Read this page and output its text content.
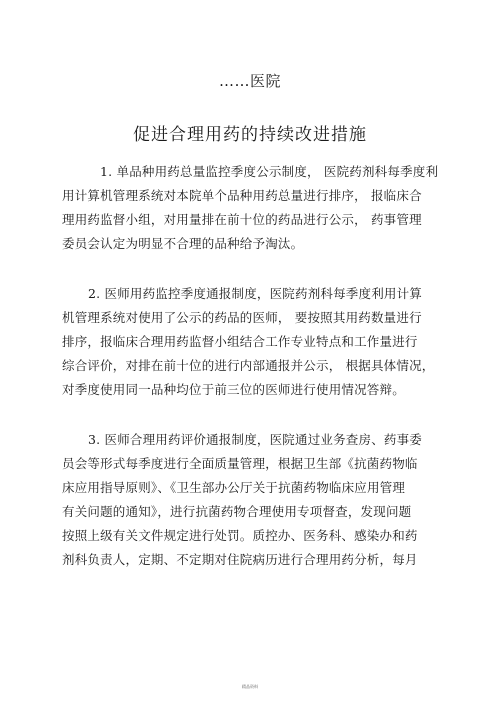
……医院
促进合理用药的持续改进措施
1. 单品种用药总量监控季度公示制度， 医院药剂科每季度利
用计算机管理系统对本院单个品种用药总量进行排序， 报临床合
理用药监督小组，对用量排在前十位的药品进行公示， 药事管理
委员会认定为明显不合理的品种给予淘汰。
2. 医师用药监控季度通报制度，医院药剂科每季度利用计算
机管理系统对使用了公示的药品的医师， 要按照其用药数量进行
排序，报临床合理用药监督小组结合工作专业特点和工作量进行
综合评价，对排在前十位的进行内部通报并公示， 根据具体情况，
对季度使用同一品种均位于前三位的医师进行使用情况答辩。
3. 医师合理用药评价通报制度，医院通过业务查房、药事委
员会等形式每季度进行全面质量管理，根据卫生部《抗菌药物临
床应用指导原则》、《卫生部办公厅关于抗菌药物临床应用管理
有关问题的通知》，进行抗菌药物合理使用专项督查，发现问题
按照上级有关文件规定进行处罚。质控办、医务科、感染办和药
剂科负责人，定期、不定期对住院病历进行合理用药分析，每月
精品资料
